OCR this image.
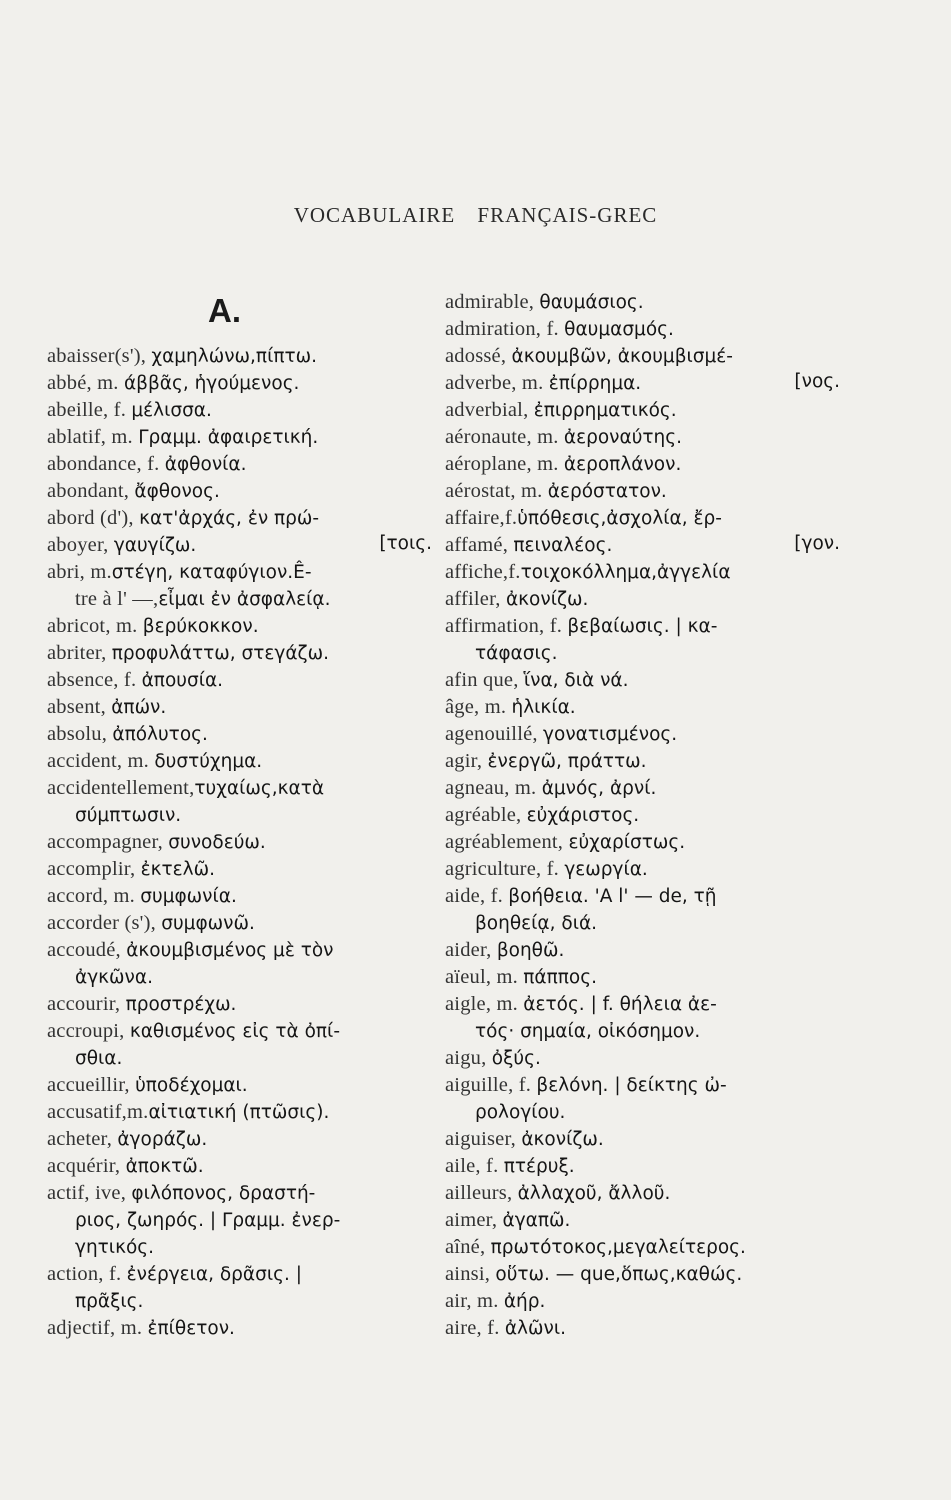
VOCABULAIRE FRANÇAIS-GREC
A.
abaisser(s'), χαμηλώνω,πίπτω.
abbé, m. άββᾶς, ἡγούμενος.
abeille, f. μέλισσα.
ablatif, m. Γραμμ. ἀφαιρετική.
abondance, f. ἀφθονία.
abondant, ἄφθονος.
abord (d'), κατ'ἀρχάς, ἐν πρώ-
aboyer, γαυγίζω.	[τοις.
abri, m.στέγη, καταφύγιον.Ê-
tre à l' —,εἶμαι ἐν ἀσφαλείᾳ.
abricot, m. βερύκοκκον.
abriter, προφυλάττω, στεγάζω.
absence, f. ἀπουσία.
absent, ἀπών.
absolu, ἀπόλυτος.
accident, m. δυστύχημα.
accidentellement,τυχαίως,κατὰ
σύμπτωσιν.
accompagner, συνοδεύω.
accomplir, ἐκτελῶ.
accord, m. συμφωνία.
accorder (s'), συμφωνῶ.
accoudé, ἀκουμβισμένος μὲ τὸν
ἀγκῶνα.
accourir, προστρέχω.
accroupi, καθισμένος εἰς τὰ ὀπί-
σθια.
accueillir, ὑποδέχομαι.
accusatif,m.αἰτιατική (πτῶσις).
acheter, ἀγοράζω.
acquérir, ἀποκτῶ.
actif, ive, φιλόπονος, δραστή-
ριος, ζωηρός. | Γραμμ. ἐνερ-
γητικός.
action, f. ἐνέργεια, δρᾶσις. |
πρᾶξις.
adjectif, m. ἐπίθετον.
admirable, θαυμάσιος.
admiration, f. θαυμασμός.
adossé, ἀκουμβῶν, ἀκουμβισμέ-
adverbe, m. ἐπίρρημα.	[νος.
adverbial, ἐπιρρηματικός.
aéronaute, m. ἀεροναύτης.
aéroplane, m. ἀεροπλάνον.
aérostat, m. ἀερόστατον.
affaire,f.ὑπόθεσις,ἀσχολία, ἔρ-
affamé, πειναλέος.	[γον.
affiche,f.τοιχοκόλλημα,ἀγγελία
affiler, ἀκονίζω.
affirmation, f. βεβαίωσις. | κα-
τάφασις.
afin que, ἵνα, διὰ νά.
âge, m. ἡλικία.
agenouillé, γονατισμένος.
agir, ἐνεργῶ, πράττω.
agneau, m. ἀμνός, ἀρνί.
agréable, εὐχάριστος.
agréablement, εὐχαρίστως.
agriculture, f. γεωργία.
aide, f. βοήθεια. 'A l' — de, τῇ
βοηθείᾳ, διά.
aider, βοηθῶ.
aïeul, m. πάππος.
aigle, m. ἀετός. | f. θήλεια ἀε-
τός· σημαία, οἰκόσημον.
aigu, ὀξύς.
aiguille, f. βελόνη. | δείκτης ὠ-
ρολογίου.
aiguiser, ἀκονίζω.
aile, f. πτέρυξ.
ailleurs, ἀλλαχοῦ, ἄλλοῦ.
aimer, ἀγαπῶ.
aîné, πρωτότοκος,μεγαλείτερος.
ainsi, οὕτω. — que,ὅπως,καθώς.
air, m. ἀήρ.
aire, f. ἀλῶνι.
